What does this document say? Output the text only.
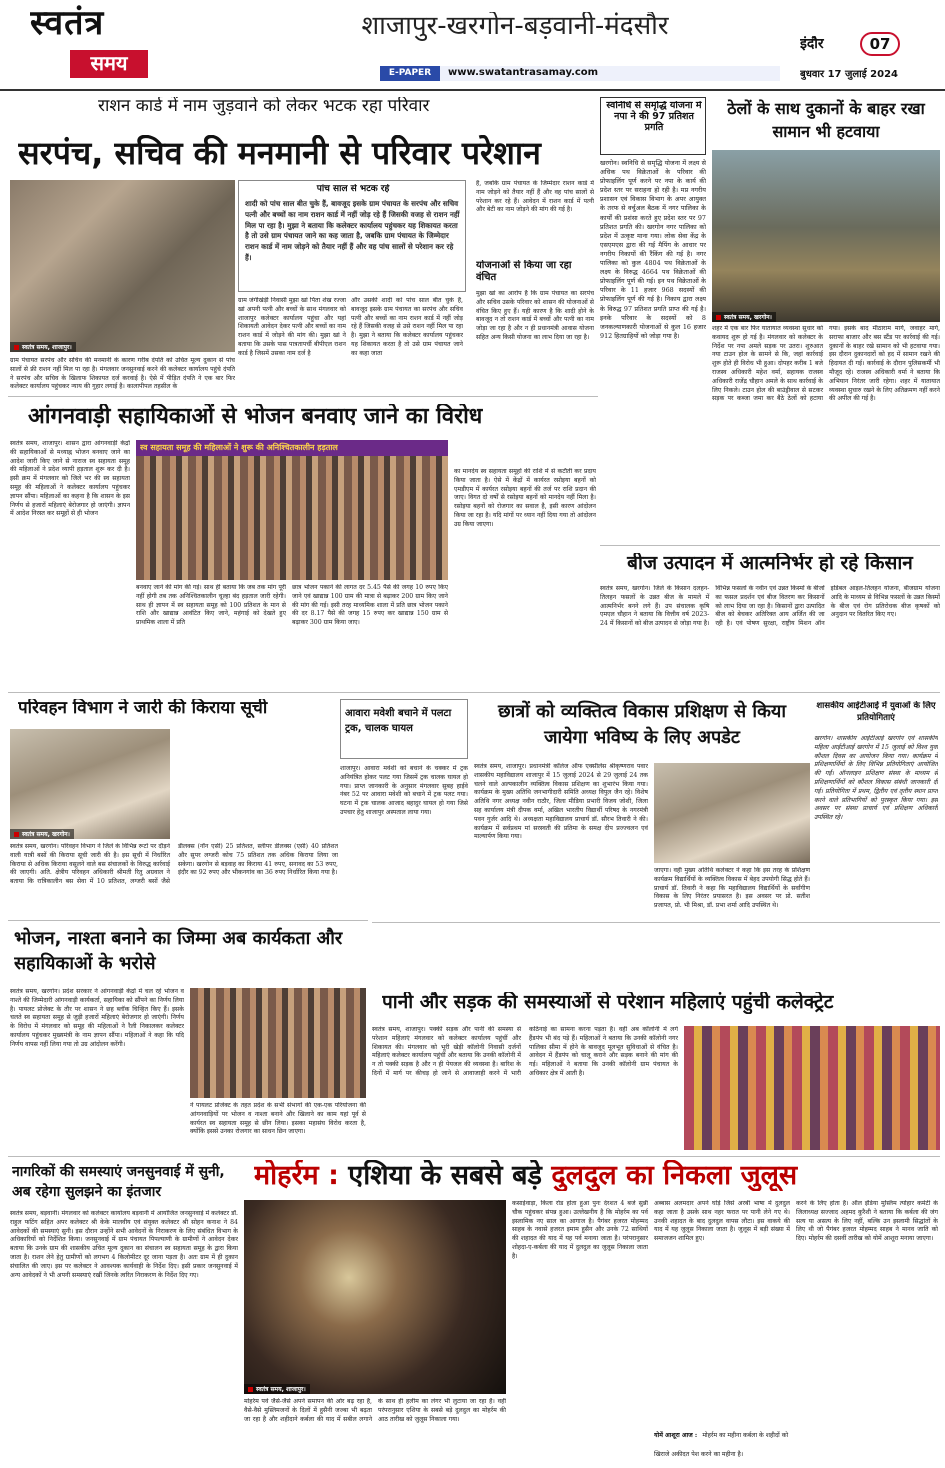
स्वतंत्र
समय
शाजापुर-खरगोन-बड़वानी-मंदसौर
E-PAPER	www.swatantrasamay.com
इंदौर	07
बुधवार 17 जुलाई 2024
राशन कार्ड में नाम जुड़वाने को लेकर भटक रहा परिवार
सरपंच, सचिव की मनमानी से परिवार परेशान
स्वतंत्र समय, शाजापुर।
पांच साल से भटक रहे
शादी को पांच साल बीत चुके हैं, बावजूद इसके ग्राम पंचायत के सरपंच और सचिव पत्नी और बच्चों का नाम राशन कार्ड में नहीं जोड़ रहे हैं जिसकी वजह से राशन नहीं मिल पा रहा है। मुझा ने बताया कि कलेक्टर कार्यालय पहुंचकर यह शिकायत करता है तो उसे ग्राम पंचायत जाने का कह जाता है, जबकि ग्राम पंचायत के जिम्मेदार राशन कार्ड में नाम जोड़ने को तैयार नहीं हैं और वह पांच सालों से परेशान कर रहे हैं।
ग्राम पंचायत सरपंच और सचिव की मनमानी के कारण गरीब दंपति को उचित मूल्य दुकान से पांच सालों से फ्री राशन नहीं मिल पा रहा है। मंगलवार जनसुनवाई करने की कलेक्टर कार्यालय पहुंचे दंपति ने सरपंच और सचिव के खिलाफ शिकायत दर्ज करवाई है। ऐसे में पीड़ित दंपति ने एक बार फिर कलेक्टर कार्यालय पहुंचकर न्याय की गुहार लगाई है। कालापीपल तहसील के
ग्राम जंगीखेड़ी निवासी मुझा खां पिता शेख रज्जा खां अपनी पत्नी और बच्चों के साथ मंगलवार को शाजापुर कलेक्टर कार्यालय पहुंचा और यहां शिकायती आवेदन देकर पत्नी और बच्चों का नाम राशन कार्ड में जोड़ने की मांग की। मुझा खां ने बताया कि उसके पास पात्रतापर्ची बीपीएल राशन कार्ड है जिसमें उसका नाम दर्ज है
और उसकी शादी को पांच साल बीत चुके हैं, बावजूद इसके ग्राम पंचायत का सरपंच और सचिव पत्नी और बच्चों का नाम राशन कार्ड में नहीं जोड़ रहे हैं जिसकी वजह से उसे राशन नहीं मिल पा रहा है। मुझा ने बताया कि कलेक्टर कार्यालय पहुंचकर यह शिकायत करता है तो उसे ग्राम पंचायत जाने का कहा जाता
है, जबकि ग्राम पंचायत के जिम्मेदार राशन कार्ड में नाम जोड़ने को तैयार नहीं हैं और वह पांच सालों से परेशान कर रहे हैं। आवेदन में राशन कार्ड में पत्नी और बेटी का नाम जोड़ने की मांग की गई है।
योजनाओं से किया जा रहा वंचित
मुझा खां का आरोप है कि ग्राम पंचायत का सरपंच और सचिव उसके परिवार को शासन की योजनाओं से वंचित किए हुए हैं। यही कारण है कि शादी होने के बावजूद न तो राशन कार्ड में बच्चों और पत्नी का नाम जोड़ा जा रहा है और न ही प्रधानमंत्री आवास योजना सहित अन्य किसी योजना का लाभ दिया जा रहा है।
स्वनिधि से समृद्धि योजना में नपा ने की 97 प्रतिशत प्रगति
खरगोन। स्वनिधि से समृद्धि योजना में लक्ष्य से अधिक पथ विक्रेताओं के परिवार की प्रोफाइलिंग पूर्ण करने पर नपा के कार्य की प्रदेश स्तर पर सराहना हो रही है। मप्र नगरीय प्रशासन एवं विकास विभाग के अपर आयुक्त के तरफ से वर्चुअल बैठक में नगर पालिका के कार्यों की प्रशंसा करते हुए प्रदेश स्तर पर 97 प्रतिशत प्रगति की। खरगोन नगर पालिका को प्रदेश में उत्कृष्ट माना गया। लोक सेवा केंद्र के एसएमएस द्वारा की गई मैपिंग के आधार पर नगरीय निकायों की रैंकिंग की गई है। नगर पालिका को कुल 4804 पथ विक्रेताओं के लक्ष्य के विरुद्ध 4664 पथ विक्रेताओं की प्रोफाइलिंग पूर्ण की गई। इन पथ विक्रेताओं के परिवार के 11 हजार 968 सदस्यों की प्रोफाइलिंग पूर्ण की गई है। निकाय द्वारा लक्ष्य के विरुद्ध 97 प्रतिशत प्रगति प्राप्त की गई है। इनके परिवार के सदस्यों को 8 जनकल्याणकारी योजनाओं से कुल 16 हजार 912 हितग्राहियों को जोड़ा गया है।
ठेलों के साथ दुकानों के बाहर रखा सामान भी हटवाया
स्वतंत्र समय, खरगोन।
शहर में एक बार फिर यातायात व्यवस्था सुधार को कवायद शुरू हो गई है। मंगलवार को कलेक्टर के निर्देश पर नपा अमले सड़क पर उतरा। शुरुआत नया टाउन होल के सामने से कि, जहां कार्रवाई शुरू होते ही विरोध भी हुआ। दोपहर करीब 1 बजे राजस्व अधिकारी महेश वर्मा, सहायक राजस्व अधिकारी राजेंद्र चौहान अमले के साथ कार्रवाई के लिए निकले। टाउन होल की बाउंड्रीवाल से सटकर सड़क पर कब्जा जमा कर बैठे ठेलों को हटाया गया। इसके बाद मीठाराम मार्ग, जवाहर मार्ग, सराफा बाजार और बस स्टैंड पर कार्रवाई की गई। दुकानों के बाहर रखे सामान को भी हटवाया गया। इस दौरान दुकानदारों को हद में सामान रखने की हिदायत दी गई। कार्रवाई के दौरान पुलिसकर्मी भी मौजूद रहे। राजस्व अधिकारी वर्मा ने बताया कि अभियान निरंतर जारी रहेगा। शहर में यातायात व्यवस्था सुचारु रखने के लिए अतिक्रमण नहीं करने की अपील की गई है।
आंगनवाड़ी सहायिकाओं से भोजन बनवाए जाने का विरोध
स्वतंत्र समय, शाजापुर। शासन द्वारा आंगनवाड़ी केंद्रों की सहायिकाओं से मध्याह्न भोजन बनवाए जाने का आदेश जारी किए जाने से नाराज स्व सहायता समूह की महिलाओं ने प्रदेश व्यापी हड़ताल शुरू कर दी है। इसी क्रम में मंगलवार को जिले भर की स्व सहायता समूह की महिलाओं ने कलेक्टर कार्यालय पहुंचकर ज्ञापन सौंपा। महिलाओं का कहना है कि शासन के इस निर्णय से हजारों महिलाएं बेरोजगार हो जाएंगी। ज्ञापन में आदेश निरस्त कर समूहों से ही भोजन
स्व सहायता समूह की महिलाओं ने शुरू की अनिश्चितकालीन हड़ताल
बनवाए जाने की मांग की गई। साथ ही बताया कि जब तक मांग पूरी नहीं होगी तब तक अनिश्चितकालीन चूल्हा बंद हड़ताल जारी रहेगी। साथ ही ज्ञापन में स्व सहायता समूह को 100 प्रतिशत के मान से राशि और खाद्यान्न आवंटित किए जाने, महंगाई को देखते हुए प्राथमिक शाला में प्रति
छात्र भोजन पकाने की लागत दर 5.45 पैसे की जगह 10 रुपए किए जाने एवं खाद्यान्न 100 ग्राम की मात्रा से बढ़ाकर 200 ग्राम किए जाने की मांग की गई। इसी तरह माध्यमिक शाला में प्रति छात्र भोजन पकाने की दर 8.17 पैसे की जगह 15 रुपए कर खाद्यान्न 150 ग्राम से बढ़ाकर 300 ग्राम किया जाए।
का मानदेय स्व सहायता समूहों की राशि में से कटौती कर प्रदाय किया जाता है। ऐसे में केंद्रों में कार्यरत रसोइया बहनों को एमडीएम में कार्यरत रसोइया बहनों की तर्ज पर राशि प्रदान की जाए। विगत दो वर्षों से रसोइया बहनों को मानदेय नहीं मिला है। रसोइया बहनों को रोजगार का सवाल है, इसी कारण आंदोलन किया जा रहा है। यदि मांगों पर ध्यान नहीं दिया गया तो आंदोलन उग्र किया जाएगा।
बीज उत्पादन में आत्मनिर्भर हो रहे किसान
स्वतंत्र समय, खरगोन। जिले के किसान दलहन-तिलहन फसलों के उन्नत बीज के मामले में आत्मनिर्भर बनने लगे हैं। उप संचालक कृषि एमएल चौहान ने बताया कि वित्तीय वर्ष 2023-24 में किसानों को बीज उत्पादन से जोड़ा गया है। विभिन्न फसलों के नवीन एवं उन्नत किस्मों के बीजों का फसल प्रदर्शन एवं बीज वितरण कर किसानों को लाभ दिया जा रहा है। किसानों द्वारा उत्पादित बीज को बेचकर अतिरिक्त आय अर्जित की जा रही है। एवं पोषण सुरक्षा, राष्ट्रीय मिशन ऑन इडिबल आइल-तिलहन योजना, बीजग्राम योजना आदि के माध्यम से विभिन्न फसलों के उन्नत किस्मों के बीज एवं रोग प्रतिरोधक बीज कृषकों को अनुदान पर वितरित किए गए।
परिवहन विभाग ने जारी की किराया सूची
स्वतंत्र समय, खरगोन।
स्वतंत्र समय, खरगोन। परिवहन विभाग ने जिले के विभिन्न रूटों पर दौड़ने वाली यात्री बसों की किराया सूची जारी की है। इस सूची में निर्धारित किराया से अधिक किराया वसूलने वाले बस संचालकों के विरुद्ध कार्रवाई की जाएगी। अति. क्षेत्रीय परिवहन अधिकारी श्रीमती रितु अग्रवाल ने बताया कि रात्रिकालीन बस सेवा में 10 प्रतिशत, लग्जरी बसों जैसे डीलक्स (नॉन एसी) 25 प्रतिशत, स्लीपर डीलक्स (एसी) 40 प्रतिशत और सुपर लग्जरी कोच 75 प्रतिशत तक अधिक किराया लिया जा सकेगा। खरगोन से बड़वाह का किराया 41 रुपए, सनावद का 53 रुपए, इंदौर का 92 रुपए और भीकनगांव का 36 रुपए निर्धारित किया गया है।
आवारा मवेशी बचाने में पलटा ट्रक, चालक घायल
शाजापुर। आवारा मवेशी को बचाने के चक्कर में ट्रक अनियंत्रित होकर पलट गया जिसमें ट्रक चालक घायल हो गया। प्राप्त जानकारी के अनुसार मंगलवार सुबह हाईवे नंबर 52 पर आवारा मवेशी को बचाने में ट्रक पलट गया। घटना में ट्रक चालक आजाद बहादुर घायल हो गया जिसे उपचार हेतु शाजापुर अस्पताल लाया गया।
छात्रों को व्यक्तित्व विकास प्रशिक्षण से किया जायेगा भविष्य के लिए अपडेट
स्वतंत्र समय, शाजापुर। प्रधानमंत्री कॉलेज ऑफ एक्सीलेंस श्रीकृष्णराव पवार शासकीय महाविद्यालय शाजापुर में 15 जुलाई 2024 से 29 जुलाई 24 तक चलने वाले अल्पकालीन व्यक्तित्व विकास प्रशिक्षण का शुभारंभ किया गया। कार्यक्रम के मुख्य अतिथि जनभागीदारी समिति अध्यक्ष विपुल जैन रहे। विशेष अतिथि नगर अध्यक्ष नवीन राठौर, जिला मीडिया प्रभारी विजय जोशी, जिला सह कार्यालय मंत्री दीपक वर्मा, अखिल भारतीय विद्यार्थी परिषद के नगरमंत्री पवन गुर्जर आदि थे। अध्यक्षता महाविद्यालय प्राचार्य डॉ. सौरभ तिवारी ने की। कार्यक्रम में सर्वप्रथम मां सरस्वती की प्रतिमा के समक्ष दीप प्रज्ज्वलन एवं माल्यार्पण किया गया।
जाएगा। वहीं मुख्य अतिथि कलेक्टर ने कहा कि इस तरह के प्रशिक्षण कार्यक्रम विद्यार्थियों के व्यक्तित्व विकास में बेहद उपयोगी सिद्ध होते हैं। प्राचार्य डॉ. तिवारी ने कहा कि महाविद्यालय विद्यार्थियों के सर्वांगीण विकास के लिए निरंतर प्रयासरत है। इस अवसर पर प्रो. सतीश प्रजापत, प्रो. भी मिश्रा, डॉ. प्रभा शर्मा आदि उपस्थित थे।
शासकीय आईटीआई में युवाओं के लिए प्रतियोगिताएं
खरगोन। शासकीय आईटीआई खरगोन एवं शासकीय महिला आईटीआई खरगोन में 15 जुलाई को विश्व युवा कौशल दिवस का आयोजन किया गया। कार्यक्रम में प्रशिक्षणार्थियों के लिए विभिन्न प्रतियोगिताएं आयोजित की गईं। ऑनलाइन प्रशिक्षण संस्था के माध्यम से प्रशिक्षणार्थियों को कौशल विकास संबंधी जानकारी दी गई। प्रतियोगिता में प्रथम, द्वितीय एवं तृतीय स्थान प्राप्त करने वाले प्रतिभागियों को पुरस्कृत किया गया। इस अवसर पर संस्था प्राचार्य एवं प्रशिक्षण अधिकारी उपस्थित रहे।
भोजन, नाश्ता बनाने का जिम्मा अब कार्यकता और सहायिकाओं के भरोसे
स्वतंत्र समय, खरगोन। प्रदेश सरकार ने आंगनवाड़ी केंद्रों में चल रहे भोजन व नाश्ते की जिम्मेदारी आंगनवाड़ी कार्यकर्ता, सहायिका को सौंपने का निर्णय लिया है। पायलट प्रोजेक्ट के तौर पर शासन ने छह ब्लॉक चिन्हित किए हैं। इसके चलते स्व सहायता समूह से जुड़ी हजारों महिलाएं बेरोजगार हो जाएंगी। निर्णय के विरोध में मंगलवार को समूह की महिलाओं ने रैली निकालकर कलेक्टर कार्यालय पहुंचकर मुख्यमंत्री के नाम ज्ञापन सौंपा। महिलाओं ने कहा कि यदि निर्णय वापस नहीं लिया गया तो उग्र आंदोलन करेंगी।
ने पायलट प्रोजेक्ट के तहत प्रदेश के सभी संभागों की एक-एक परियोजना की आंगनवाड़ियों पर भोजन व नाश्ता बनाने और खिलाने का काम यहां पूर्व से कार्यरत स्व सहायता समूह से छीन लिया। इसका महासंघ विरोध करता है, क्योंकि इससे उनका रोजगार का साधन छिन जाएगा।
पानी और सड़क की समस्याओं से परेशान महिलाएं पहुंची कलेक्ट्रेट
स्वतंत्र समय, शाजापुर। पक्की सड़क और पानी की समस्या से परेशान महिलाएं मंगलवार को कलेक्टर कार्यालय पहुंचीं और शिकायत की। मंगलवार को भूरी खेड़ी कॉलोनी निवासी दर्जनों महिलाएं कलेक्टर कार्यालय पहुंचीं और बताया कि उनकी कॉलोनी में न तो पक्की सड़क है और न ही पेयजल की व्यवस्था है। बारिश के दिनों में मार्ग पर कीचड़ हो जाने से आवाजाही करने में भारी कठिनाई का सामना करना पड़ता है। वहीं अब कॉलोनी में लगे हैंडपंप भी बंद पड़े हैं। महिलाओं ने बताया कि उनकी कॉलोनी नगर पालिका सीमा में होने के बावजूद मूलभूत सुविधाओं से वंचित है। आवेदन में हैंडपंप को चालू कराने और सड़क बनाने की मांग की गई। महिलाओं ने बताया कि उनकी कॉलोनी ग्राम पंचायत के अधिकार क्षेत्र में आती है।
नागरिकों की समस्याएं जनसुनवाई में सुनी, अब रहेगा सुलझने का इंतजार
स्वतंत्र समय, बड़वानी। मंगलवार को कलेक्टर कार्यालय बड़वानी में आयोजित जनसुनवाई में कलेक्टर डॉ. राहुल फटिंग सहित अपर कलेक्टर श्री केके मालवीय एवं संयुक्त कलेक्टर श्री सोहन कनाश ने 84 आवेदकों की समस्याएं सुनी। इस दौरान उन्होंने सभी आवेदनों के निराकरण के लिए संबंधित विभाग के अधिकारियों को निर्देशित किया। जनसुनवाई में ग्राम पंचायत पिपल्याणी के ग्रामीणों ने आवेदन देकर बताया कि उनके ग्राम की शासकीय उचित मूल्य दुकान का संचालन स्व सहायता समूह के द्वारा किया जाता है। राशन लेने हेतु ग्रामीणों को लगभग 4 किलोमीटर दूर जाना पड़ता है। अतः ग्राम में ही दुकान संचालित की जाए। इस पर कलेक्टर ने आवश्यक कार्यवाही के निर्देश दिए। इसी प्रकार जनसुनवाई में अन्य आवेदकों ने भी अपनी समस्याएं रखीं जिनके त्वरित निराकरण के निर्देश दिए गए।
मोहर्रम : एशिया के सबसे बड़े दुलदुल का निकला जुलूस
स्वतंत्र समय, शाजापुर।
मोहर्रम पर्व जैसे-जैसे अपने समापन की ओर बढ़ रहा है, वैसे-वैसे मुस्लिमजनों के दिलों में हुसैनी जज्बा भी बढ़ता जा रहा है और शहीदाने कर्बला की याद में सबील लगाने के साथ ही हलीम का लंगर भी लुटाया जा रहा है। वहीं परंपरानुसार एशिया के सबसे बड़े दुलदुल का मोहर्रम की आठ तारीख को जुलूस निकाला गया।
कसाईवाड़ा, किला रोड होता हुआ पुनः देरशत 4 बजे सुन्नी चौक पहुंचकर संपन्न हुआ। उल्लेखनीय है कि मोहर्रम का पर्व इस्लामिक नए साल का आगाज है। पैगंबर हजरत मोहम्मद साहब के नवासे हजरत इमाम हुसैन और उनके 72 साथियों की शहादत की याद में यह पर्व मनाया जाता है। परंपरानुसार शोहदा-ए-कर्बला की याद में दुलदुल का जुलूस निकाला जाता है।
अब्बास अलमदार अपने घोड़े जिसे अरबी भाषा में दुलदुल कहा जाता है उसके साथ नहर फरात पर पानी लेने गए थे। उनकी शहादत के बाद दुलदुल वापस लौटा। इस वाकये की याद में यह जुलूस निकाला जाता है। जुलूस में बड़ी संख्या में समाजजन शामिल हुए।
योमें आशूरा आज : मोहर्रम का महीना कर्बला के शहीदों को खिराजे अकीदत पेश करने का महीना है।
करने के लिए होता है। ऑल इंडिया मुस्लिम त्योहार कमेटी के जिलाध्यक्ष सज्जाद अहमद कुरैशी ने बताया कि कर्बला की जंग सत्य या असत्य के लिए नहीं, बल्कि उन इस्लामी सिद्धांतों के लिए थी जो पैगंबर हजरत मोहम्मद साहब ने मानव जाति को दिए। मोहर्रम की दसवीं तारीख को योमें आशूरा मनाया जाएगा।
